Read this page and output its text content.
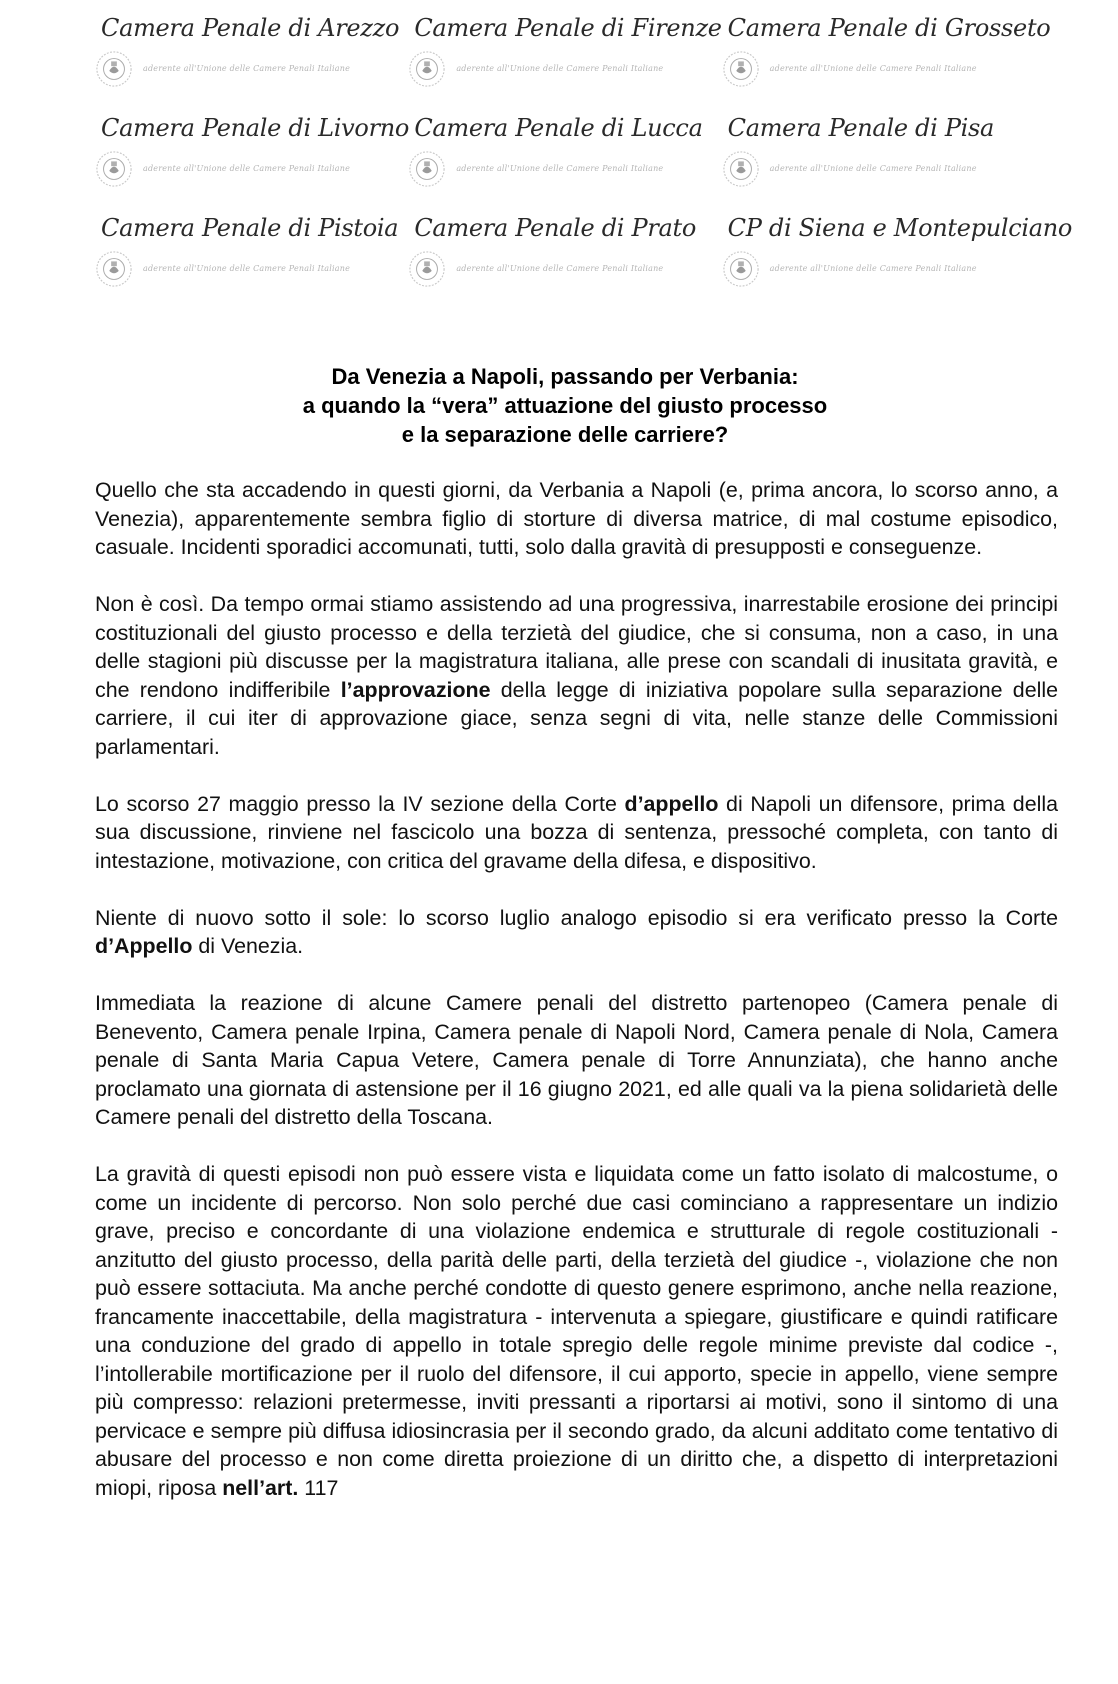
Camera Penale di Arezzo
aderente all'Unione delle Camere Penali Italiane
Camera Penale di Firenze
aderente all'Unione delle Camere Penali Italiane
Camera Penale di Grosseto
aderente all'Unione delle Camere Penali Italiane
Camera Penale di Livorno
aderente all'Unione delle Camere Penali Italiane
Camera Penale di Lucca
aderente all'Unione delle Camere Penali Italiane
Camera Penale di Pisa
aderente all'Unione delle Camere Penali Italiane
Camera Penale di Pistoia
aderente all'Unione delle Camere Penali Italiane
Camera Penale di Prato
aderente all'Unione delle Camere Penali Italiane
CP di Siena e Montepulciano
aderente all'Unione delle Camere Penali Italiane
Da Venezia a Napoli, passando per Verbania:
a quando la “vera” attuazione del giusto processo
e la separazione delle carriere?

Quello che sta accadendo in questi giorni, da Verbania a Napoli (e, prima ancora, lo scorso anno, a Venezia), apparentemente sembra figlio di storture di diversa matrice, di mal costume episodico, casuale. Incidenti sporadici accomunati, tutti, solo dalla gravità di presupposti e conseguenze.

Non è così. Da tempo ormai stiamo assistendo ad una progressiva, inarrestabile erosione dei principi costituzionali del giusto processo e della terzietà del giudice, che si consuma, non a caso, in una delle stagioni più discusse per la magistratura italiana, alle prese con scandali di inusitata gravità, e che rendono indifferibile l’approvazione della legge di iniziativa popolare sulla separazione delle carriere, il cui iter di approvazione giace, senza segni di vita, nelle stanze delle Commissioni parlamentari.

Lo scorso 27 maggio presso la IV sezione della Corte d’appello di Napoli un difensore, prima della sua discussione, rinviene nel fascicolo una bozza di sentenza, pressoché completa, con tanto di intestazione, motivazione, con critica del gravame della difesa, e dispositivo.

Niente di nuovo sotto il sole: lo scorso luglio analogo episodio si era verificato presso la Corte d’Appello di Venezia.

Immediata la reazione di alcune Camere penali del distretto partenopeo (Camera penale di Benevento, Camera penale Irpina, Camera penale di Napoli Nord, Camera penale di Nola, Camera penale di Santa Maria Capua Vetere, Camera penale di Torre Annunziata), che hanno anche proclamato una giornata di astensione per il 16 giugno 2021, ed alle quali va la piena solidarietà delle Camere penali del distretto della Toscana.

La gravità di questi episodi non può essere vista e liquidata come un fatto isolato di malcostume, o come un incidente di percorso. Non solo perché due casi cominciano a rappresentare un indizio grave, preciso e concordante di una violazione endemica e strutturale di regole costituzionali - anzitutto del giusto processo, della parità delle parti, della terzietà del giudice -, violazione che non può essere sottaciuta. Ma anche perché condotte di questo genere esprimono, anche nella reazione, francamente inaccettabile, della magistratura - intervenuta a spiegare, giustificare e quindi ratificare una conduzione del grado di appello in totale spregio delle regole minime previste dal codice -, l’intollerabile mortificazione per il ruolo del difensore, il cui apporto, specie in appello, viene sempre più compresso: relazioni pretermesse, inviti pressanti a riportarsi ai motivi, sono il sintomo di una pervicace e sempre più diffusa idiosincrasia per il secondo grado, da alcuni additato come tentativo di abusare del processo e non come diretta proiezione di un diritto che, a dispetto di interpretazioni miopi, riposa nell’art. 117
